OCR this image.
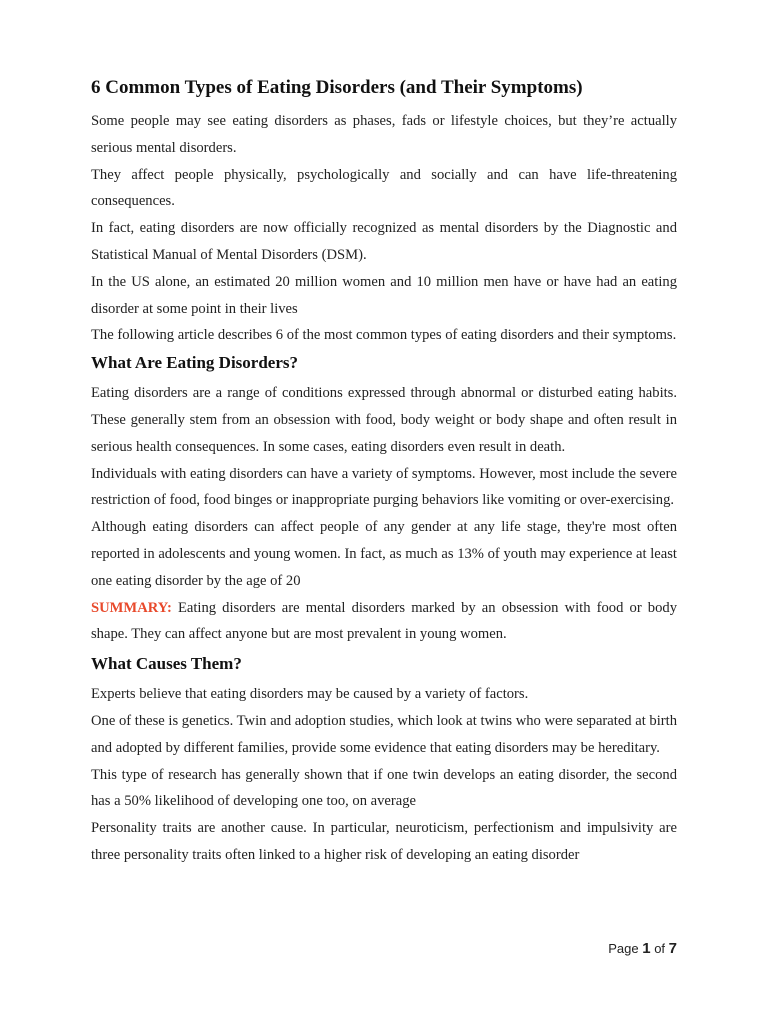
6 Common Types of Eating Disorders (and Their Symptoms)

Some people may see eating disorders as phases, fads or lifestyle choices, but they’re actually serious mental disorders.

They affect people physically, psychologically and socially and can have life-threatening consequences.

In fact, eating disorders are now officially recognized as mental disorders by the Diagnostic and Statistical Manual of Mental Disorders (DSM).

In the US alone, an estimated 20 million women and 10 million men have or have had an eating disorder at some point in their lives

The following article describes 6 of the most common types of eating disorders and their symptoms.

What Are Eating Disorders?

Eating disorders are a range of conditions expressed through abnormal or disturbed eating habits. These generally stem from an obsession with food, body weight or body shape and often result in serious health consequences. In some cases, eating disorders even result in death.

Individuals with eating disorders can have a variety of symptoms. However, most include the severe restriction of food, food binges or inappropriate purging behaviors like vomiting or over-exercising.

Although eating disorders can affect people of any gender at any life stage, they're most often reported in adolescents and young women. In fact, as much as 13% of youth may experience at least one eating disorder by the age of 20

SUMMARY: Eating disorders are mental disorders marked by an obsession with food or body shape. They can affect anyone but are most prevalent in young women.

What Causes Them?

Experts believe that eating disorders may be caused by a variety of factors.

One of these is genetics. Twin and adoption studies, which look at twins who were separated at birth and adopted by different families, provide some evidence that eating disorders may be hereditary.

This type of research has generally shown that if one twin develops an eating disorder, the second has a 50% likelihood of developing one too, on average

Personality traits are another cause. In particular, neuroticism, perfectionism and impulsivity are three personality traits often linked to a higher risk of developing an eating disorder

Page 1 of 7
